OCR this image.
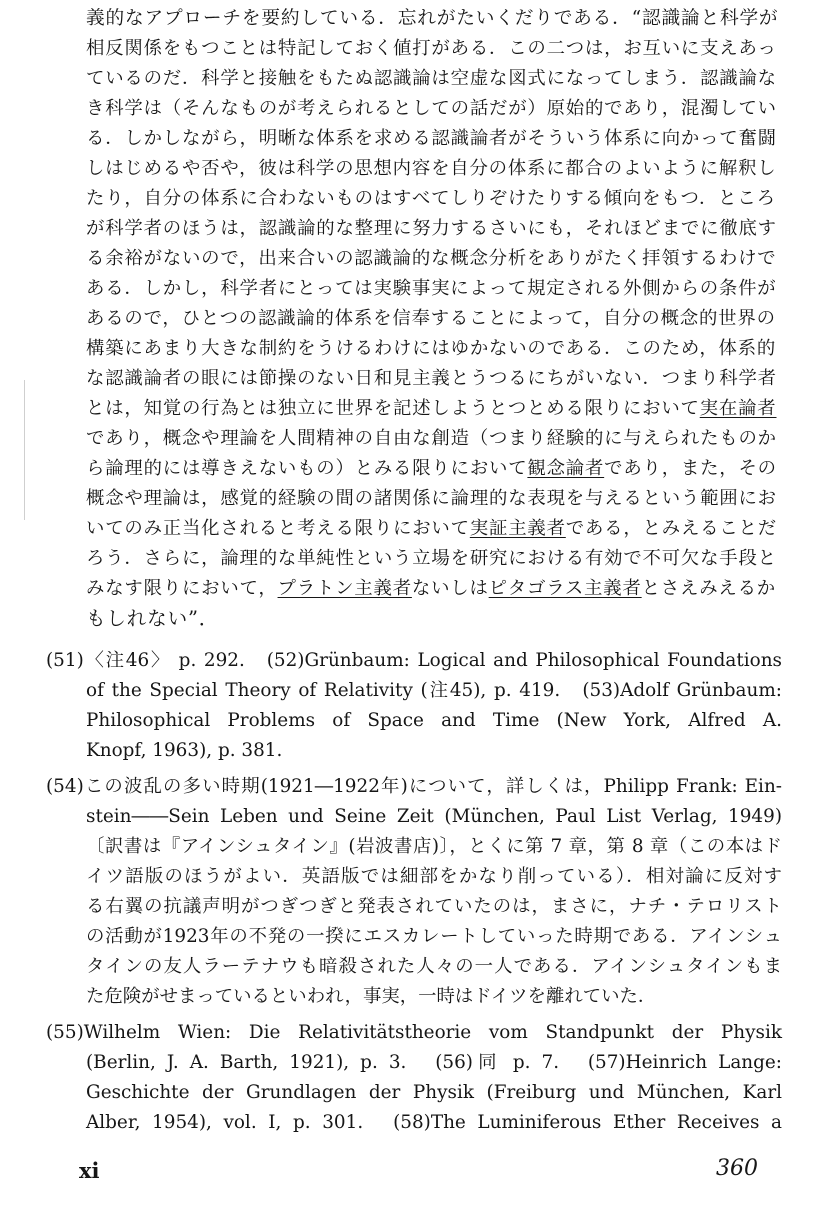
義的なアプローチを要約している．忘れがたいくだりである．“認識論と科学が
相反関係をもつことは特記しておく値打がある．この二つは，お互いに支えあっ
ているのだ．科学と接触をもたぬ認識論は空虚な図式になってしまう．認識論な
き科学は（そんなものが考えられるとしての話だが）原始的であり，混濁してい
る．しかしながら，明晰な体系を求める認識論者がそういう体系に向かって奮闘
しはじめるや否や，彼は科学の思想内容を自分の体系に都合のよいように解釈し
たり，自分の体系に合わないものはすべてしりぞけたりする傾向をもつ．ところ
が科学者のほうは，認識論的な整理に努力するさいにも，それほどまでに徹底す
る余裕がないので，出来合いの認識論的な概念分析をありがたく拝領するわけで
ある．しかし，科学者にとっては実験事実によって規定される外側からの条件が
あるので，ひとつの認識論的体系を信奉することによって，自分の概念的世界の
構築にあまり大きな制約をうけるわけにはゆかないのである．このため，体系的
な認識論者の眼には節操のない日和見主義とうつるにちがいない．つまり科学者
とは，知覚の行為とは独立に世界を記述しようとつとめる限りにおいて実在論者
であり，概念や理論を人間精神の自由な創造（つまり経験的に与えられたものか
ら論理的には導きえないもの）とみる限りにおいて観念論者であり，また，その
概念や理論は，感覚的経験の間の諸関係に論理的な表現を与えるという範囲にお
いてのみ正当化されると考える限りにおいて実証主義者である，とみえることだ
ろう．さらに，論理的な単純性という立場を研究における有効で不可欠な手段と
みなす限りにおいて，プラトン主義者ないしはピタゴラス主義者とさえみえるか
もしれない”．
(51)〈注46〉 p. 292.　(52)Grünbaum: Logical and Philosophical Foundations
of the Special Theory of Relativity (注45), p. 419.　(53)Adolf Grünbaum:
Philosophical Problems of Space and Time (New York, Alfred A.
Knopf, 1963), p. 381.
(54)この波乱の多い時期(1921―1922年)について，詳しくは，Philipp Frank: Ein-
stein――Sein Leben und Seine Zeit (München, Paul List Verlag, 1949)
〔訳書は『アインシュタイン』(岩波書店)〕，とくに第 7 章，第 8 章（この本はド
イツ語版のほうがよい．英語版では細部をかなり削っている）．相対論に反対す
る右翼の抗議声明がつぎつぎと発表されていたのは，まさに，ナチ・テロリスト
の活動が1923年の不発の一揆にエスカレートしていった時期である．アインシュ
タインの友人ラーテナウも暗殺された人々の一人である．アインシュタインもま
た危険がせまっているといわれ，事実，一時はドイツを離れていた．
(55)Wilhelm Wien: Die Relativitätstheorie vom Standpunkt der Physik
(Berlin, J. A. Barth, 1921), p. 3.　(56)同 p. 7.　(57)Heinrich Lange:
Geschichte der Grundlagen der Physik (Freiburg und München, Karl
Alber, 1954), vol. I, p. 301.　(58)The Luminiferous Ether Receives a
xi	360
